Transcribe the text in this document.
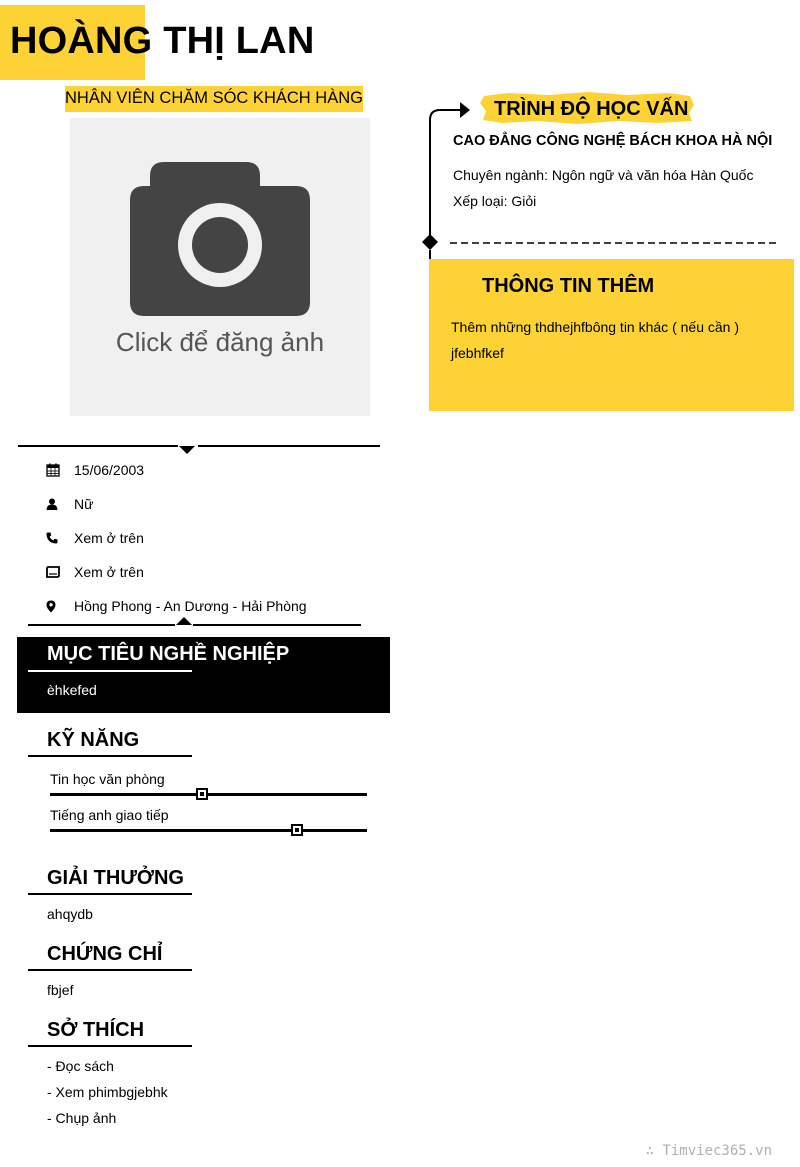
HOÀNG THỊ LAN
NHÂN VIÊN CHĂM SÓC KHÁCH HÀNG
Click để đăng ảnh
15/06/2003
Nữ
Xem ở trên
Xem ở trên
Hồng Phong - An Dương - Hải Phòng
MỤC TIÊU NGHỀ NGHIỆP
èhkefed
KỸ NĂNG
Tin học văn phòng
Tiếng anh giao tiếp
GIẢI THƯỞNG
ahqydb
CHỨNG CHỈ
fbjef
SỞ THÍCH
- Đọc sách
- Xem phimbgjebhk
- Chụp ảnh
TRÌNH ĐỘ HỌC VẤN
CAO ĐẲNG CÔNG NGHỆ BÁCH KHOA HÀ NỘI
Chuyên ngành: Ngôn ngữ và văn hóa Hàn Quốc
Xếp loại: Giỏi
THÔNG TIN THÊM
Thêm những thdhejhfbông tin khác ( nếu cần )
jfebhfkef
∴ Timviec365.vn
